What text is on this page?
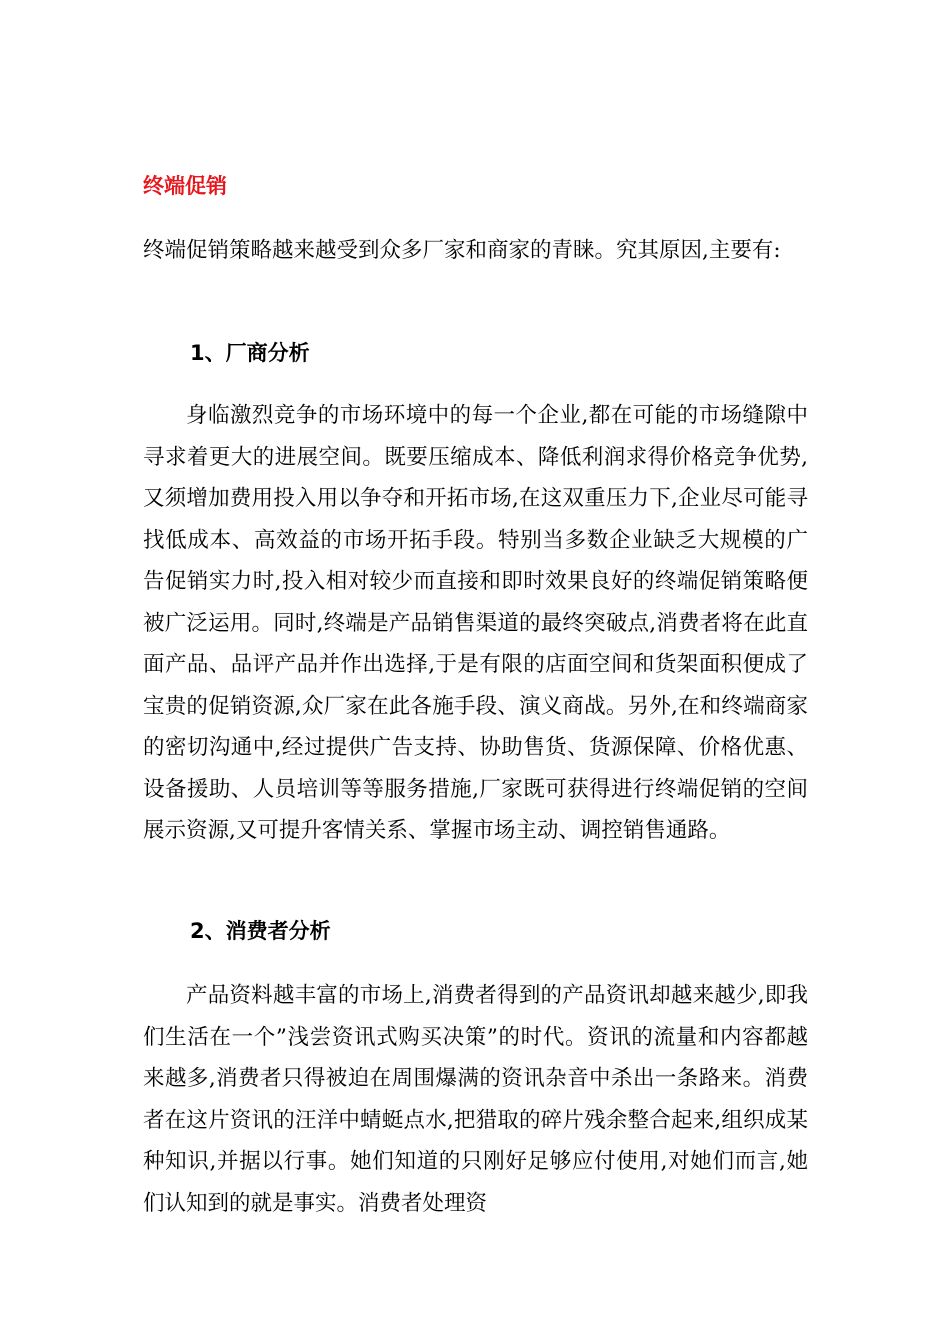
终端促销

终端促销策略越来越受到众多厂家和商家的青睐。究其原因,主要有:

1、厂商分析

身临激烈竞争的市场环境中的每一个企业,都在可能的市场缝隙中寻求着更大的进展空间。既要压缩成本、降低利润求得价格竞争优势,又须增加费用投入用以争夺和开拓市场,在这双重压力下,企业尽可能寻找低成本、高效益的市场开拓手段。特别当多数企业缺乏大规模的广告促销实力时,投入相对较少而直接和即时效果良好的终端促销策略便被广泛运用。同时,终端是产品销售渠道的最终突破点,消费者将在此直面产品、品评产品并作出选择,于是有限的店面空间和货架面积便成了宝贵的促销资源,众厂家在此各施手段、演义商战。另外,在和终端商家的密切沟通中,经过提供广告支持、协助售货、货源保障、价格优惠、设备援助、人员培训等等服务措施,厂家既可获得进行终端促销的空间展示资源,又可提升客情关系、掌握市场主动、调控销售通路。

2、消费者分析

产品资料越丰富的市场上,消费者得到的产品资讯却越来越少,即我们生活在一个”浅尝资讯式购买决策”的时代。资讯的流量和内容都越来越多,消费者只得被迫在周围爆满的资讯杂音中杀出一条路来。消费者在这片资讯的汪洋中蜻蜓点水,把猎取的碎片残余整合起来,组织成某种知识,并据以行事。她们知道的只刚好足够应付使用,对她们而言,她们认知到的就是事实。消费者处理资
